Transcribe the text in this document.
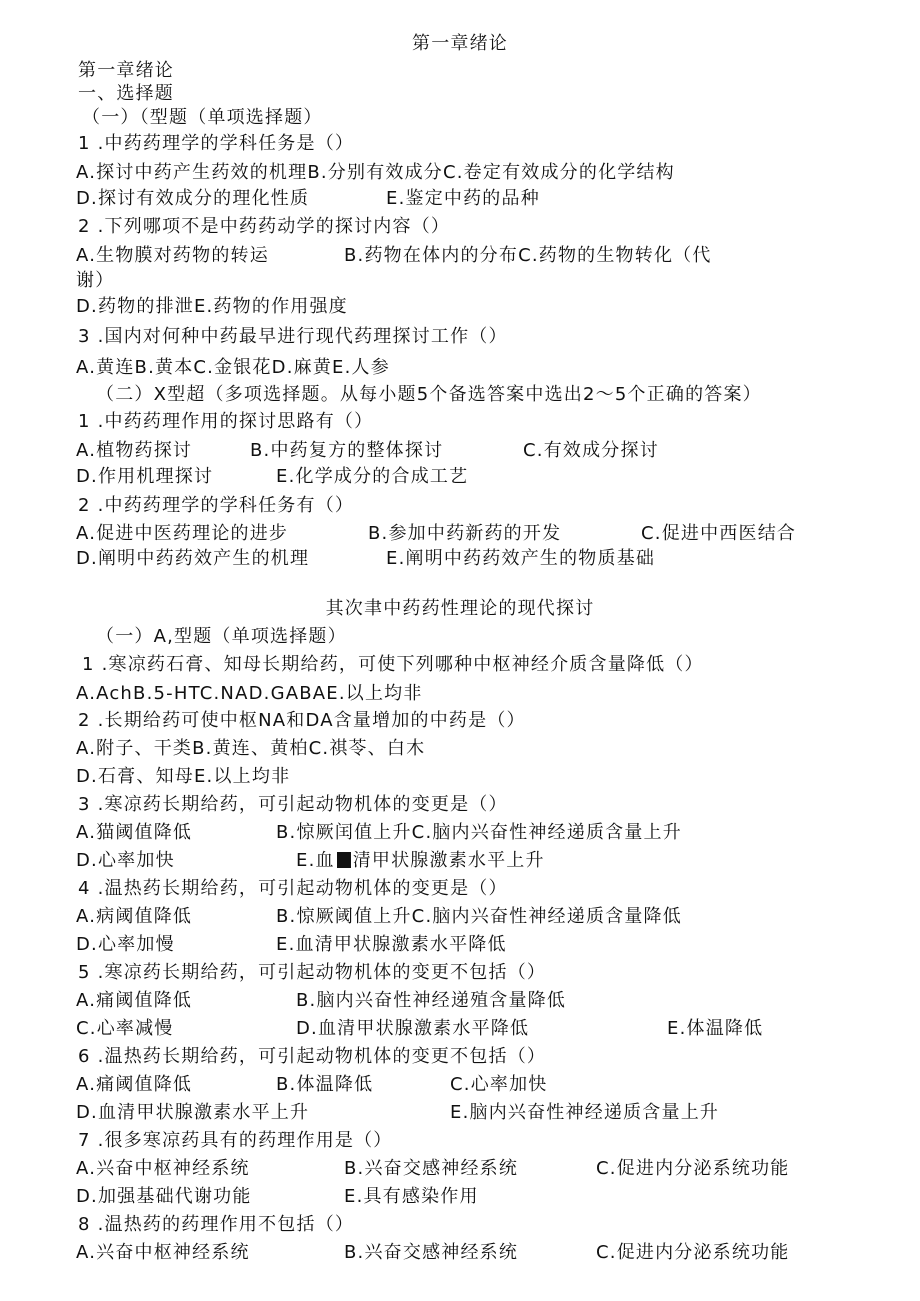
第一章绪论
第一章绪论
一、选择题
（一）（型题（单项选择题）
1 .中药药理学的学科任务是（）
A.探讨中药产生药效的机理B.分别有效成分C.卷定有效成分的化学结构
D.探讨有效成分的理化性质	E.鉴定中药的品种
2 .下列哪项不是中药药动学的探讨内容（）
A.生物膜对药物的转运	B.药物在体内的分布C.药物的生物转化（代
谢）
D.药物的排泄E.药物的作用强度
3 .国内对何种中药最早进行现代药理探讨工作（）
A.黄连B.黄本C.金银花D.麻黄E.人参
（二）X型超（多项选择题。从每小题5个备选答案中选出2～5个正确的答案）
1 .中药药理作用的探讨思路有（）
A.植物药探讨	B.中药复方的整体探讨	C.有效成分探讨
D.作用机理探讨	E.化学成分的合成工艺
2 .中药药理学的学科任务有（）
A.促进中医药理论的进步	B.参加中药新药的开发	C.促进中西医结合
D.阐明中药药效产生的机理	E.阐明中药药效产生的物质基础
其次聿中药药性理论的现代探讨
（一）A,型题（单项选择题）
1 .寒凉药石膏、知母长期给药，可使下列哪种中枢神经介质含量降低（）
A.AchB.5-HTC.NAD.GABAE.以上均非
2 .长期给药可使中枢NA和DA含量增加的中药是（）
A.附子、干类B.黄连、黄柏C.祺苓、白木
D.石膏、知母E.以上均非
3 .寒凉药长期给药，可引起动物机体的变更是（）
A.猫阈值降低	B.惊厥闰值上升C.脑内兴奋性神经递质含量上升
D.心率加快	E.血 清甲状腺激素水平上升
4 .温热药长期给药，可引起动物机体的变更是（）
A.病阈值降低	B.惊厥阈值上升C.脑内兴奋性神经递质含量降低
D.心率加慢	E.血清甲状腺激素水平降低
5 .寒凉药长期给药，可引起动物机体的变更不包括（）
A.痛阈值降低	B.脑内兴奋性神经递殖含量降低
C.心率减慢	D.血清甲状腺激素水平降低	E.体温降低
6 .温热药长期给药，可引起动物机体的变更不包括（）
A.痛阈值降低	B.体温降低	C.心率加快
D.血清甲状腺激素水平上升	E.脑内兴奋性神经递质含量上升
7 .很多寒凉药具有的药理作用是（）
A.兴奋中枢神经系统	B.兴奋交感神经系统	C.促进内分泌系统功能
D.加强基础代谢功能	E.具有感染作用
8 .温热药的药理作用不包括（）
A.兴奋中枢神经系统	B.兴奋交感神经系统	C.促进内分泌系统功能
